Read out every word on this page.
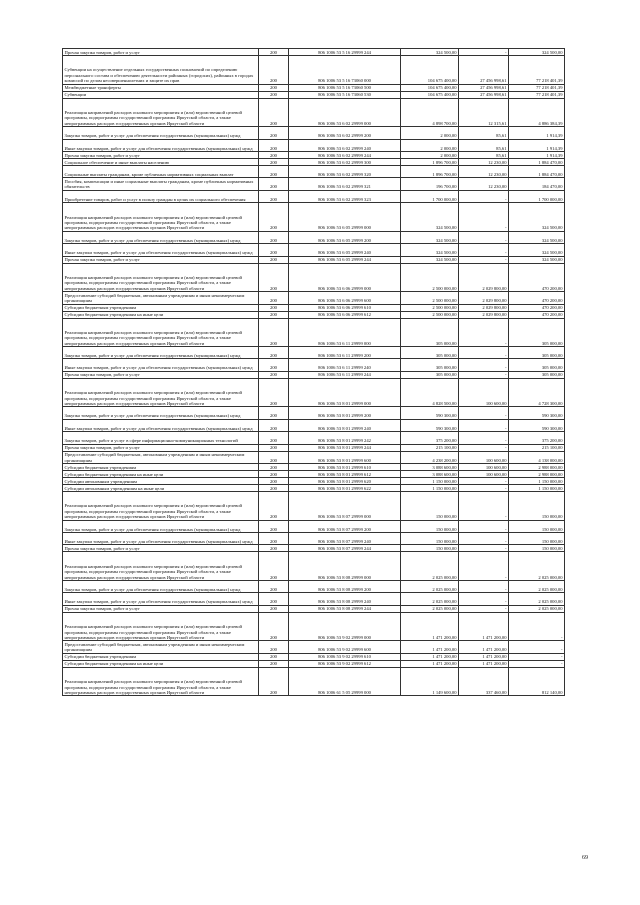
Прочая закупка товаров, работ и услуг	200	806 1006 53 5 16 29999 244	324 500,00	-	324 500,00
Субвенции на осуществление отдельных государственных полномочий по определению персонального состава и обеспечению деятельности районных (городских), районных в городах комиссий по делам несовершеннолетних и защите их прав	200	806 1006 53 5 16 73060 000	104 675 400,00	27 456 998,61	77 218 401,39
Межбюджетные трансферты	200	806 1006 53 5 16 73060 500	104 675 400,00	27 456 998,61	77 218 401,39
Субвенции	200	806 1006 53 5 16 73060 530	104 675 400,00	27 456 998,61	77 218 401,39
Реализация направлений расходов основного мероприятия и (или) ведомственной целевой программы, подпрограммы государственной программы Иркутской области, а также непрограммных расходов государственных органов Иркутской области	200	806 1006 53 6 02 29999 000	4 898 700,00	12 315,61	4 886 384,39
Закупка товаров, работ и услуг для обеспечения государственных (муниципальных) нужд	200	806 1006 53 6 02 29999 200	2 000,00	85,61	1 914,39
Иные закупки товаров, работ и услуг для обеспечения государственных (муниципальных) нужд	200	806 1006 53 6 02 29999 240	2 000,00	85,61	1 914,39
Прочая закупка товаров, работ и услуг	200	806 1006 53 6 02 29999 244	2 000,00	85,61	1 914,39
Социальное обеспечение и иные выплаты населению	200	806 1006 53 6 02 29999 300	1 896 700,00	12 230,00	1 884 470,00
Социальные выплаты гражданам, кроме публичных нормативных социальных выплат	200	806 1006 53 6 02 29999 320	1 896 700,00	12 230,00	1 884 470,00
Пособия, компенсации и иные социальные выплаты гражданам, кроме публичных нормативных обязательств	200	806 1006 53 6 02 29999 321	196 700,00	12 230,00	184 470,00
Приобретение товаров, работ и услуг в пользу граждан в целях их социального обеспечения	200	806 1006 53 6 02 29999 323	1 700 000,00	-	1 700 000,00
Реализация направлений расходов основного мероприятия и (или) ведомственной целевой программы, подпрограммы государственной программы Иркутской области, а также непрограммных расходов государственных органов Иркутской области	200	806 1006 53 6 05 29999 000	324 500,00	-	324 500,00
Закупка товаров, работ и услуг для обеспечения государственных (муниципальных) нужд	200	806 1006 53 6 05 29999 200	324 500,00	-	324 500,00
Иные закупки товаров, работ и услуг для обеспечения государственных (муниципальных) нужд	200	806 1006 53 6 05 29999 240	324 500,00	-	324 500,00
Прочая закупка товаров, работ и услуг	200	806 1006 53 6 05 29999 244	324 500,00	-	324 500,00
Реализация направлений расходов основного мероприятия и (или) ведомственной целевой программы, подпрограммы государственной программы Иркутской области, а также непрограммных расходов государственных органов Иркутской области	200	806 1006 53 6 06 29999 000	2 500 000,00	2 029 800,00	470 200,00
Предоставление субсидий бюджетным, автономным учреждениям и иным некоммерческим организациям	200	806 1006 53 6 06 29999 600	2 500 000,00	2 029 800,00	470 200,00
Субсидии бюджетным учреждениям	200	806 1006 53 6 06 29999 610	2 500 000,00	2 029 800,00	470 200,00
Субсидии бюджетным учреждениям на иные цели	200	806 1006 53 6 06 29999 612	2 500 000,00	2 029 800,00	470 200,00
Реализация направлений расходов основного мероприятия и (или) ведомственной целевой программы, подпрограммы государственной программы Иркутской области, а также непрограммных расходов государственных органов Иркутской области	200	806 1006 53 6 11 29999 000	305 000,00	-	305 000,00
Закупка товаров, работ и услуг для обеспечения государственных (муниципальных) нужд	200	806 1006 53 6 11 29999 200	305 000,00	-	305 000,00
Иные закупки товаров, работ и услуг для обеспечения государственных (муниципальных) нужд	200	806 1006 53 6 11 29999 240	305 000,00	-	305 000,00
Прочая закупка товаров, работ и услуг	200	806 1006 53 6 11 29999 244	305 000,00	-	305 000,00
Реализация направлений расходов основного мероприятия и (или) ведомственной целевой программы, подпрограммы государственной программы Иркутской области, а также непрограммных расходов государственных органов Иркутской области	200	806 1006 53 8 01 29999 000	4 828 500,00	100 600,00	4 728 300,00
Закупка товаров, работ и услуг для обеспечения государственных (муниципальных) нужд	200	806 1006 53 8 01 29999 200	590 300,00	-	590 300,00
Иные закупки товаров, работ и услуг для обеспечения государственных (муниципальных) нужд	200	806 1006 53 8 01 29999 240	590 300,00	-	590 300,00
Закупка товаров, работ и услуг в сфере информационно-коммуникационных технологий	200	806 1006 53 8 01 29999 242	375 200,00	-	375 200,00
Прочая закупка товаров, работ и услуг	200	806 1006 53 8 01 29999 244	215 100,00	-	215 100,00
Предоставление субсидий бюджетным, автономным учреждениям и иным некоммерческим организациям	200	806 1006 53 8 01 29999 600	4 238 200,00	100 600,00	4 138 000,00
Субсидии бюджетным учреждениям	200	806 1006 53 8 01 29999 610	3 088 600,00	100 600,00	2 988 000,00
Субсидии бюджетным учреждениям на иные цели	200	806 1006 53 8 01 29999 612	3 088 600,00	100 600,00	2 988 000,00
Субсидии автономным учреждениям	200	806 1006 53 8 01 29999 620	1 150 000,00	-	1 150 000,00
Субсидии автономным учреждениям на иные цели	200	806 1006 53 8 01 29999 622	1 150 000,00	-	1 150 000,00
Реализация направлений расходов основного мероприятия и (или) ведомственной целевой программы, подпрограммы государственной программы Иркутской области, а также непрограммных расходов государственных органов Иркутской области	200	806 1006 53 8 07 29999 000	150 000,00	-	150 000,00
Закупка товаров, работ и услуг для обеспечения государственных (муниципальных) нужд	200	806 1006 53 8 07 29999 200	150 000,00	-	150 000,00
Иные закупки товаров, работ и услуг для обеспечения государственных (муниципальных) нужд	200	806 1006 53 8 07 29999 240	150 000,00	-	150 000,00
Прочая закупка товаров, работ и услуг	200	806 1006 53 8 07 29999 244	150 000,00	-	150 000,00
Реализация направлений расходов основного мероприятия и (или) ведомственной целевой программы, подпрограммы государственной программы Иркутской области, а также непрограммных расходов государственных органов Иркутской области	200	806 1006 53 8 08 29999 000	2 025 000,00	-	2 025 000,00
Закупка товаров, работ и услуг для обеспечения государственных (муниципальных) нужд	200	806 1006 53 8 08 29999 200	2 025 000,00	-	2 025 000,00
Иные закупки товаров, работ и услуг для обеспечения государственных (муниципальных) нужд	200	806 1006 53 8 08 29999 240	2 025 000,00	-	2 025 000,00
Прочая закупка товаров, работ и услуг	200	806 1006 53 8 08 29999 244	2 025 000,00	-	2 025 000,00
Реализация направлений расходов основного мероприятия и (или) ведомственной целевой программы, подпрограммы государственной программы Иркутской области, а также непрограммных расходов государственных органов Иркутской области	200	806 1006 53 9 02 29999 000	1 471 200,00	1 471 200,00	-
Предоставление субсидий бюджетным, автономным учреждениям и иным некоммерческим организациям	200	806 1006 53 9 02 29999 600	1 471 200,00	1 471 200,00	-
Субсидии бюджетным учреждениям	200	806 1006 53 9 02 29999 610	1 471 200,00	1 471 200,00	-
Субсидии бюджетным учреждениям на иные цели	200	806 1006 53 9 02 29999 612	1 471 200,00	1 471 200,00	-
Реализация направлений расходов основного мероприятия и (или) ведомственной целевой программы, подпрограммы государственной программы Иркутской области, а также непрограммных расходов государственных органов Иркутской области	200	806 1006 61 5 05 29999 000	1 149 600,00	337 460,00	812 140,00
69
